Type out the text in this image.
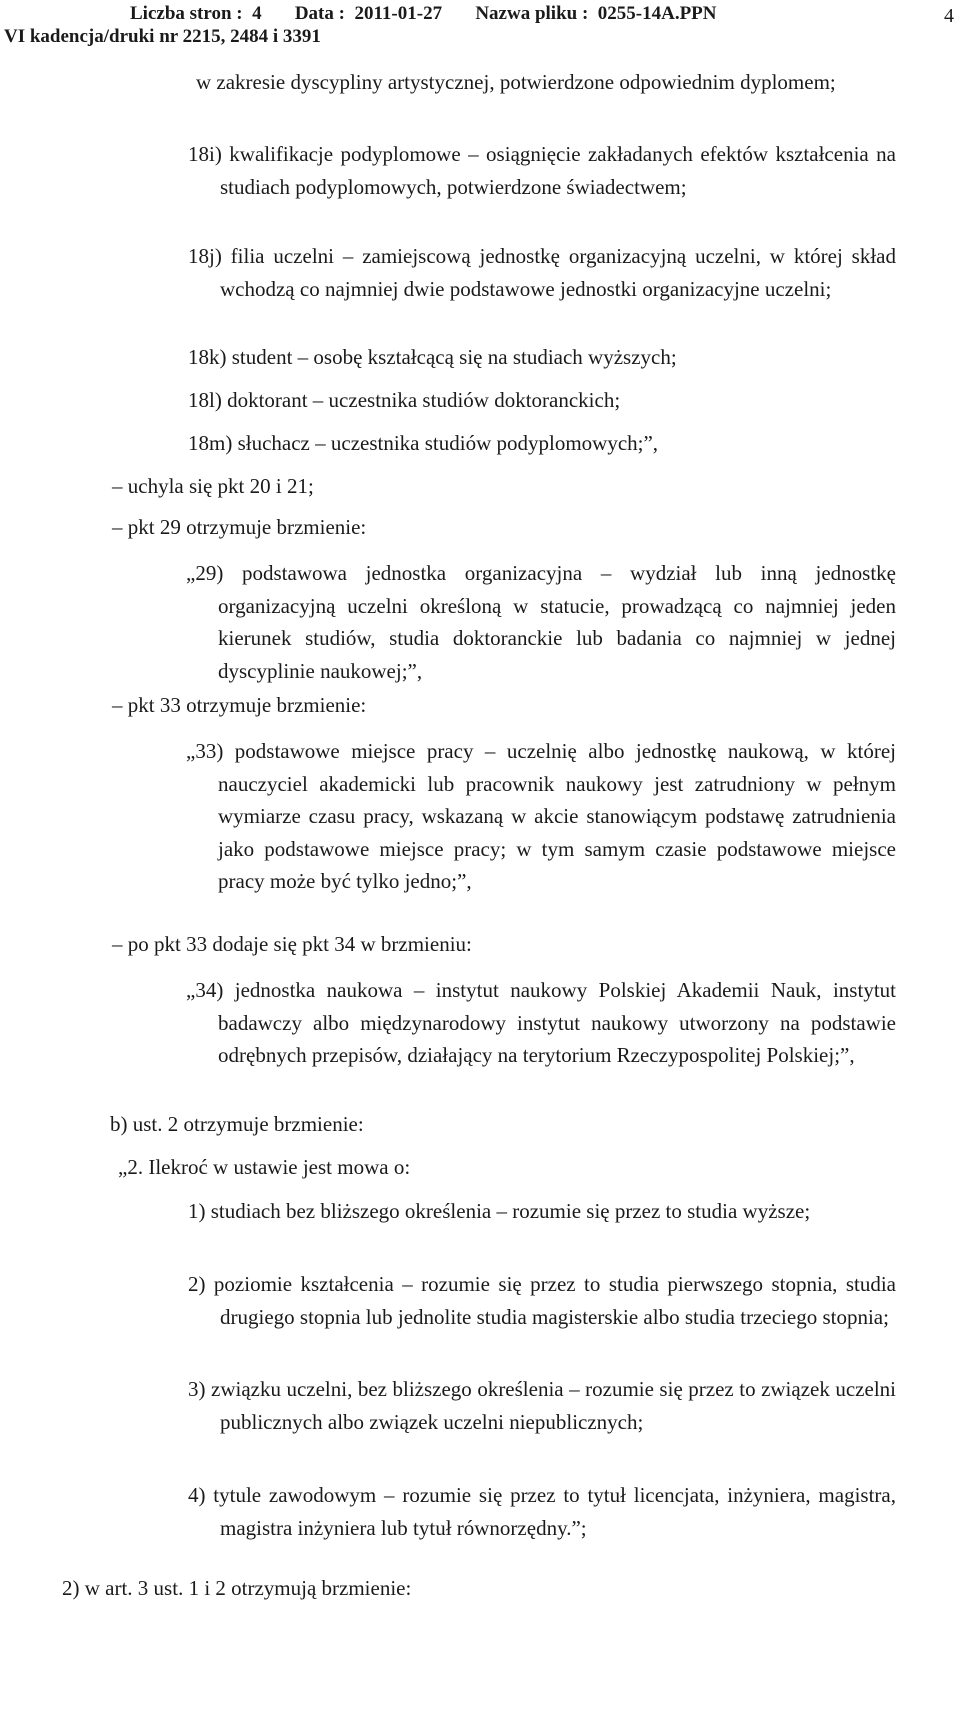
Liczba stron :  4       Data :  2011-01-27       Nazwa pliku :  0255-14A.PPN
VI kadencja/druki nr 2215, 2484 i 3391
4
w zakresie dyscypliny artystycznej, potwierdzone odpowiednim dyplomem;
18i) kwalifikacje podyplomowe – osiągnięcie zakładanych efektów kształcenia na studiach podyplomowych, potwierdzone świadectwem;
18j) filia uczelni – zamiejscową jednostkę organizacyjną uczelni, w której skład wchodzą co najmniej dwie podstawowe jednostki organizacyjne uczelni;
18k) student – osobę kształcącą się na studiach wyższych;
18l) doktorant – uczestnika studiów doktoranckich;
18m) słuchacz – uczestnika studiów podyplomowych;”,
– uchyla się pkt 20 i 21;
– pkt 29 otrzymuje brzmienie:
„29) podstawowa jednostka organizacyjna – wydział lub inną jednostkę organizacyjną uczelni określoną w statucie, prowadzącą co najmniej jeden kierunek studiów, studia doktoranckie lub badania co najmniej w jednej dyscyplinie naukowej;”,
– pkt 33 otrzymuje brzmienie:
„33) podstawowe miejsce pracy – uczelnię albo jednostkę naukową, w której nauczyciel akademicki lub pracownik naukowy jest zatrudniony w pełnym wymiarze czasu pracy, wskazaną w akcie stanowiącym podstawę zatrudnienia jako podstawowe miejsce pracy; w tym samym czasie podstawowe miejsce pracy może być tylko jedno;”,
– po pkt 33 dodaje się pkt 34 w brzmieniu:
„34) jednostka naukowa – instytut naukowy Polskiej Akademii Nauk, instytut badawczy albo międzynarodowy instytut naukowy utworzony na podstawie odrębnych przepisów, działający na terytorium Rzeczypospolitej Polskiej;”,
b) ust. 2 otrzymuje brzmienie:
„2. Ilekroć w ustawie jest mowa o:
1) studiach bez bliższego określenia – rozumie się przez to studia wyższe;
2) poziomie kształcenia – rozumie się przez to studia pierwszego stopnia, studia drugiego stopnia lub jednolite studia magisterskie albo studia trzeciego stopnia;
3) związku uczelni, bez bliższego określenia – rozumie się przez to związek uczelni publicznych albo związek uczelni niepublicznych;
4) tytule zawodowym – rozumie się przez to tytuł licencjata, inżyniera, magistra, magistra inżyniera lub tytuł równorzędny.”;
2) w art. 3 ust. 1 i 2 otrzymują brzmienie:
